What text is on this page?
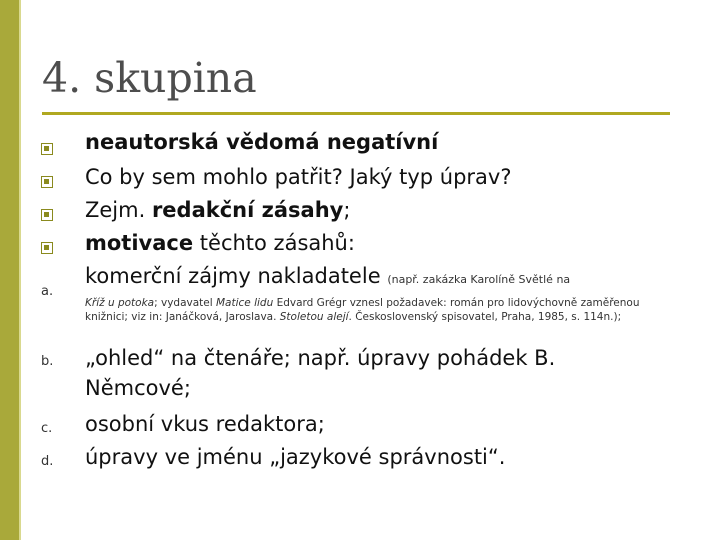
4. skupina
neautorská vědomá negatívní
Co by sem mohlo patřit? Jaký typ úprav?
Zejm. redakční zásahy;
motivace těchto zásahů:
a.
komerční zájmy nakladatele (např. zakázka Karolíně Světlé na
Kříž u potoka; vydavatel Matice lidu Edvard Grégr vznesl požadavek: román pro lidovýchovně zaměřenou knižnici; viz in: Janáčková, Jaroslava. Stoletou alejí. Československý spisovatel, Praha, 1985, s. 114n.);
b. „ohled“ na čtenáře; např. úpravy pohádek B.
Němcové;
c. osobní vkus redaktora;
d. úpravy ve jménu „jazykové správnosti“.
